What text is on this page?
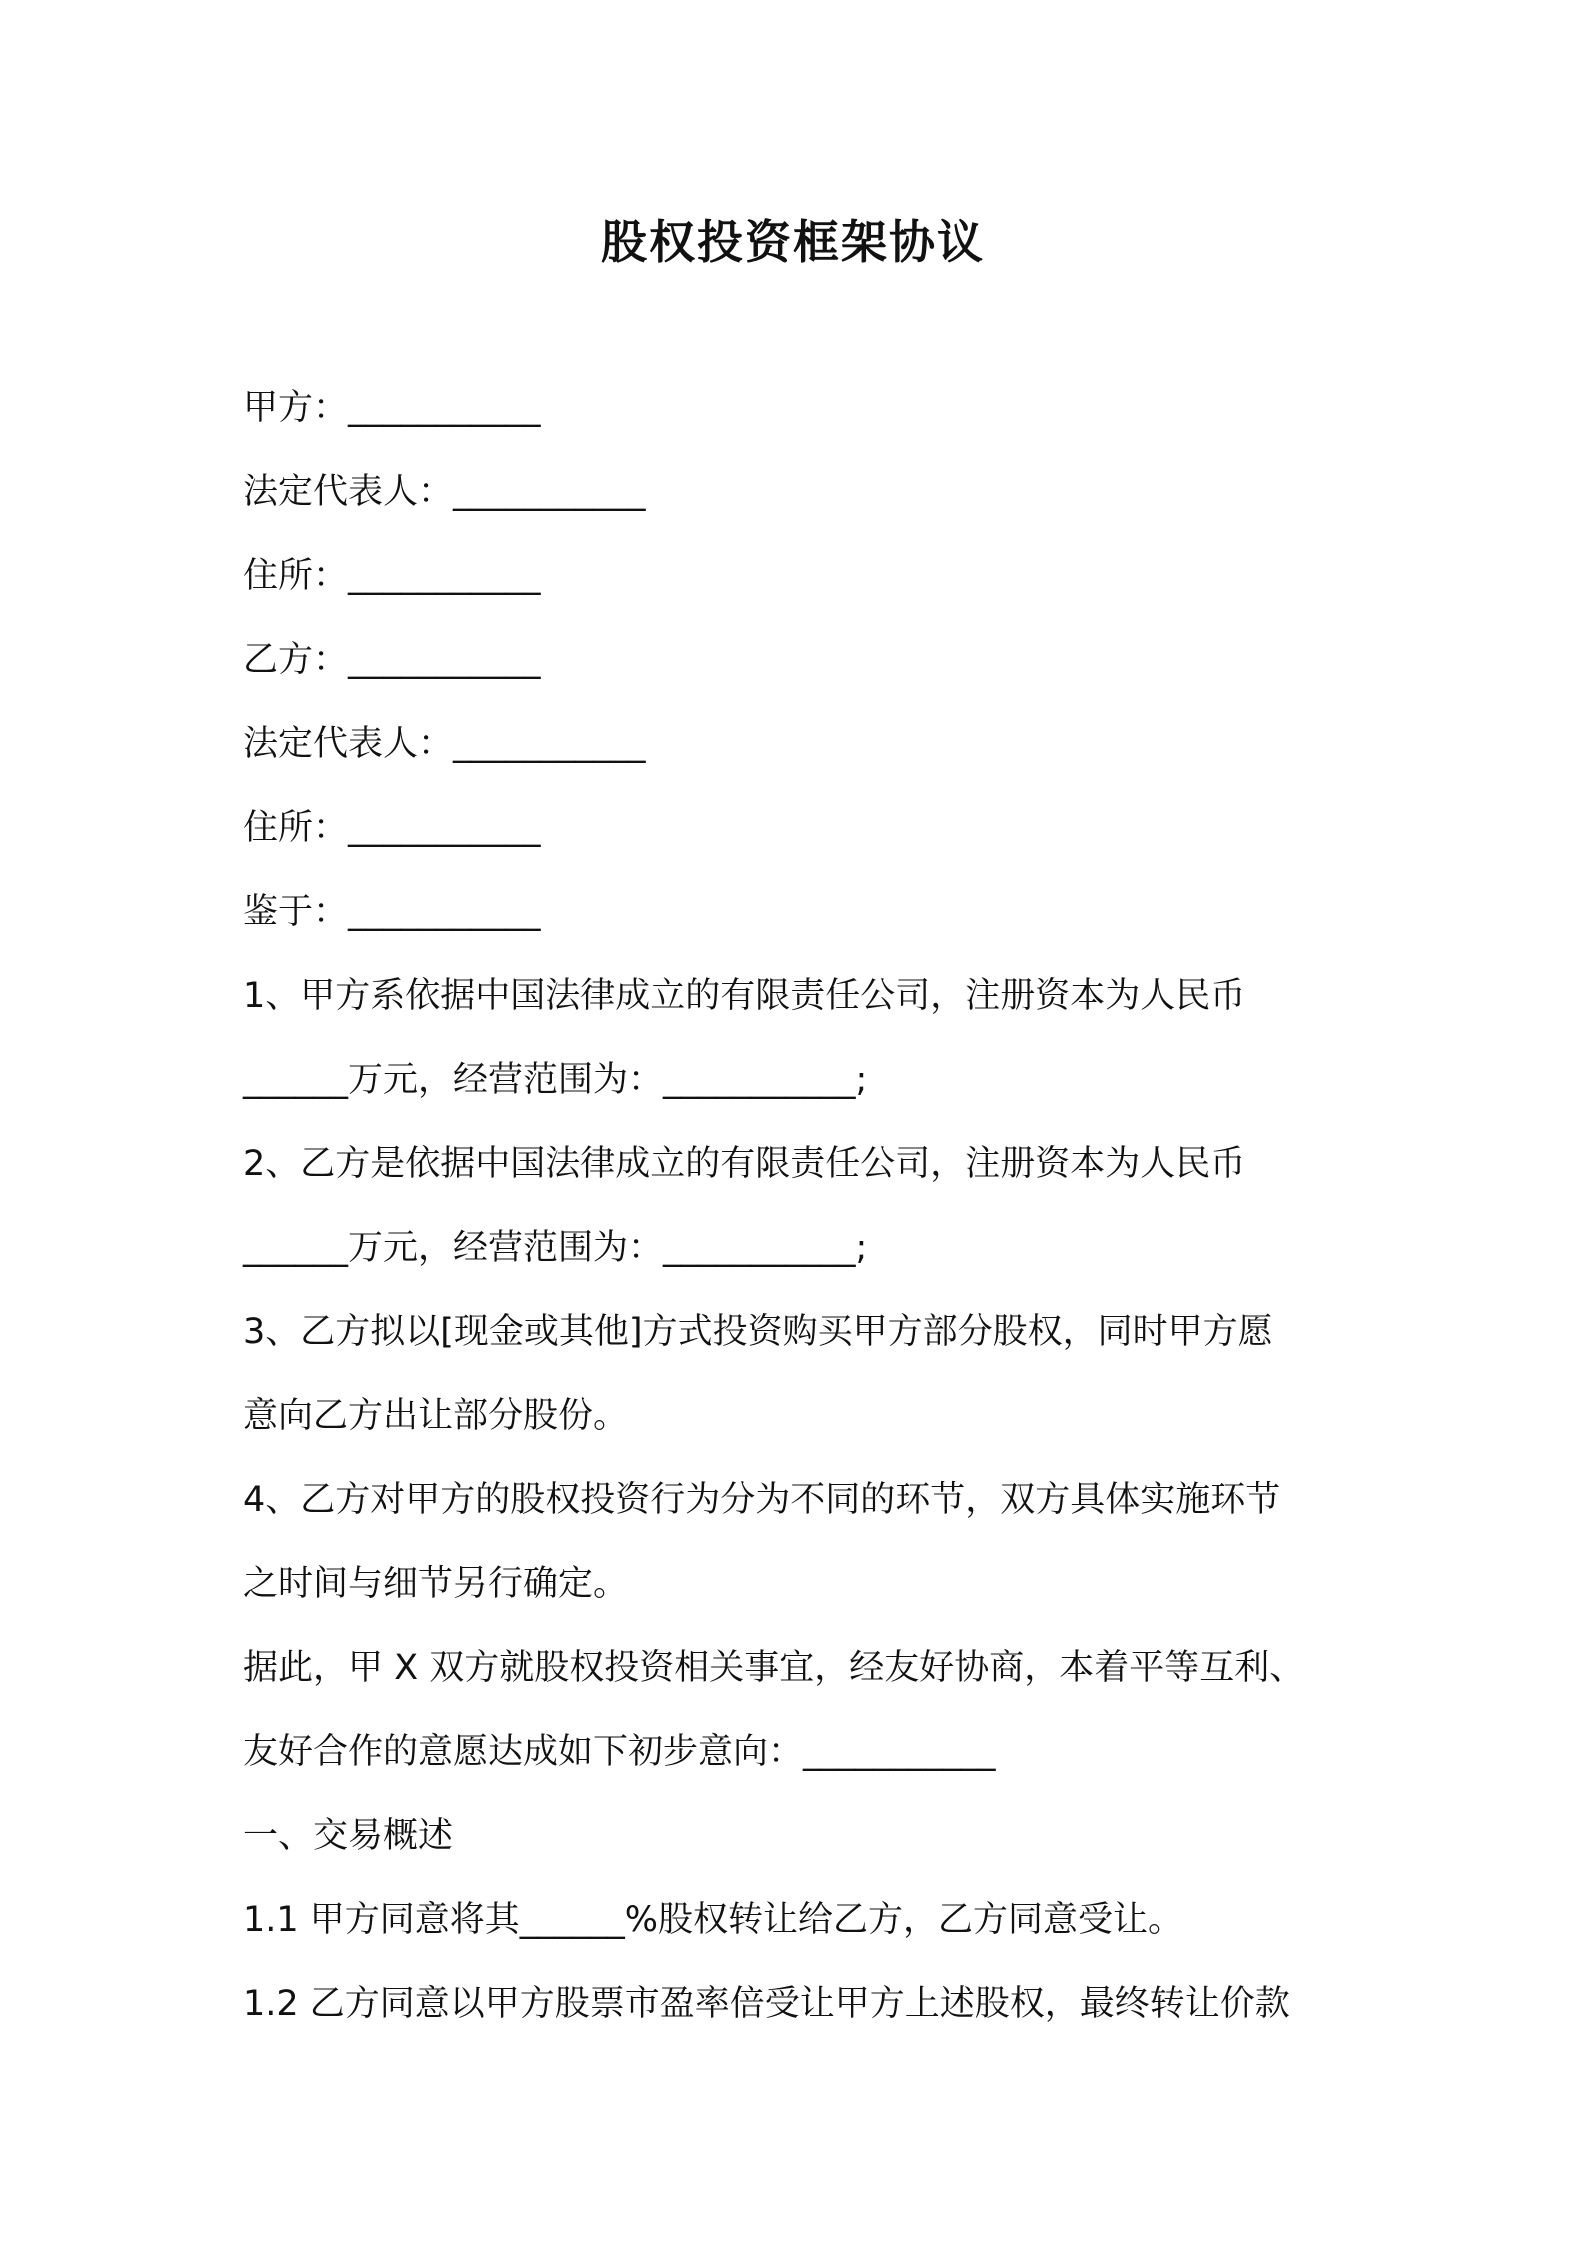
股权投资框架协议

甲方：___________

法定代表人：___________

住所：___________

乙方：___________

法定代表人：___________

住所：___________

鉴于：___________

1、甲方系依据中国法律成立的有限责任公司，注册资本为人民币

______万元，经营范围为：___________;

2、乙方是依据中国法律成立的有限责任公司，注册资本为人民币

______万元，经营范围为：___________;

3、乙方拟以[现金或其他]方式投资购买甲方部分股权，同时甲方愿

意向乙方出让部分股份。

4、乙方对甲方的股权投资行为分为不同的环节，双方具体实施环节

之时间与细节另行确定。

据此，甲 X 双方就股权投资相关事宜，经友好协商，本着平等互利、

友好合作的意愿达成如下初步意向：___________

一、交易概述

1.1 甲方同意将其______%股权转让给乙方，乙方同意受让。

1.2 乙方同意以甲方股票市盈率倍受让甲方上述股权，最终转让价款
